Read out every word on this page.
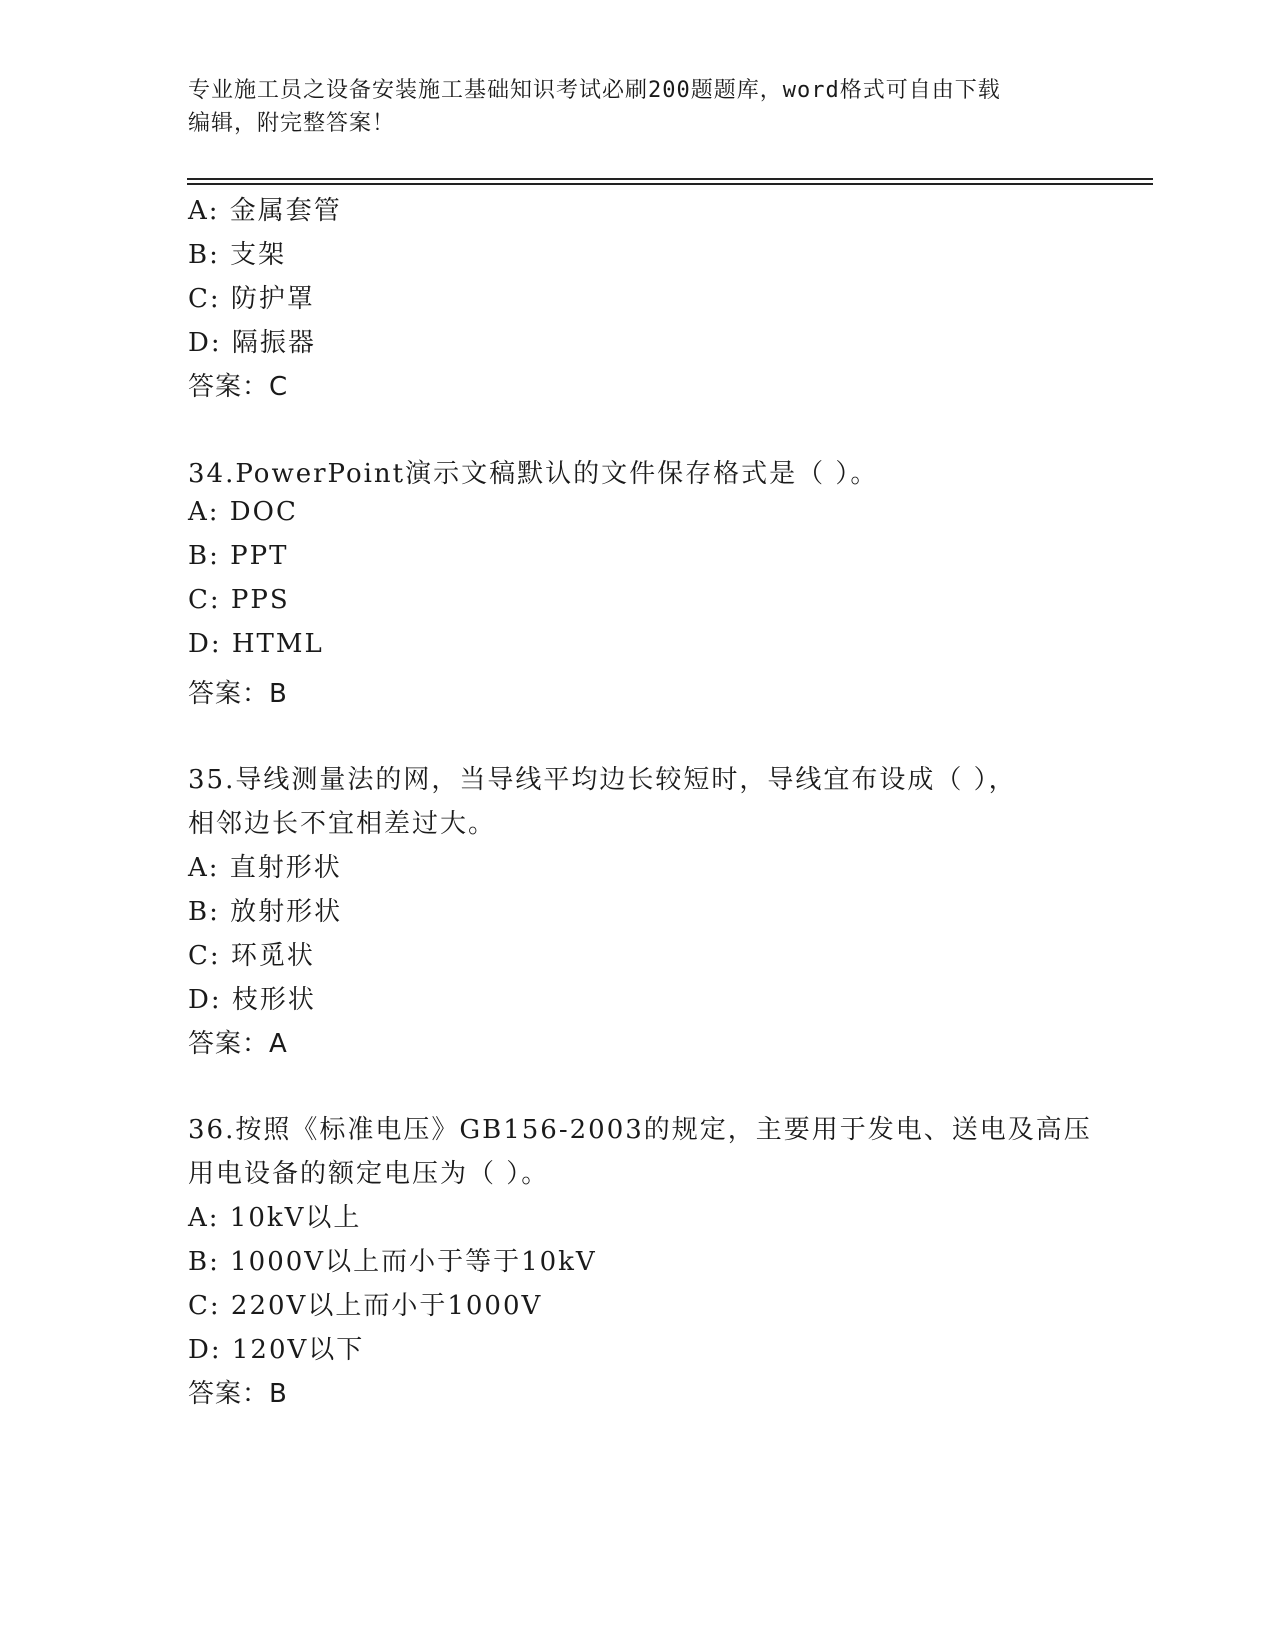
专业施工员之设备安装施工基础知识考试必刷200题题库，word格式可自由下载
编辑，附完整答案！
A: 金属套管
B: 支架
C: 防护罩
D: 隔振器
答案：C
34.PowerPoint演示文稿默认的文件保存格式是（ ）。
A: DOC
B: PPT
C: PPS
D: HTML
答案：B
35.导线测量法的网，当导线平均边长较短时，导线宜布设成（ ），
相邻边长不宜相差过大。
A: 直射形状
B: 放射形状
C: 环觅状
D: 枝形状
答案：A
36.按照《标准电压》GB156-2003的规定，主要用于发电、送电及高压
用电设备的额定电压为（ ）。
A: 10kV以上
B: 1000V以上而小于等于10kV
C: 220V以上而小于1000V
D: 120V以下
答案：B
